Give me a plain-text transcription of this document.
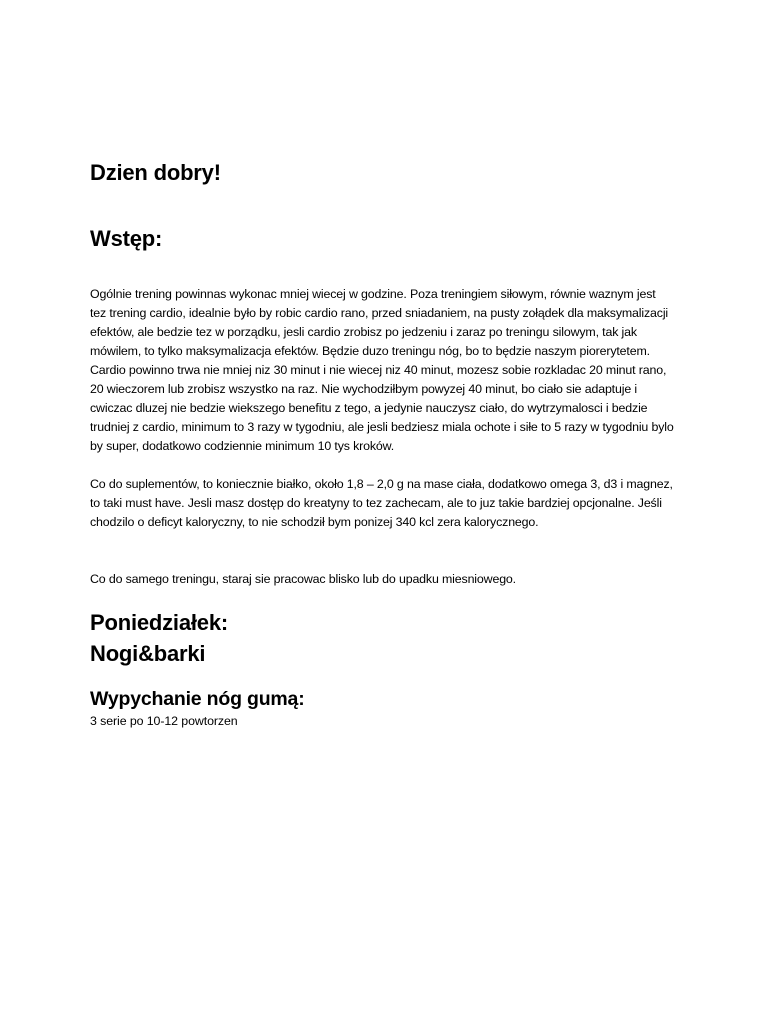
Dzien dobry!
Wstęp:

Ogólnie trening powinnas wykonac mniej wiecej w godzine. Poza treningiem siłowym, równie waznym jest tez trening cardio, idealnie było by robic cardio rano, przed sniadaniem, na pusty zołądek dla maksymalizacji efektów, ale bedzie tez w porządku, jesli cardio zrobisz po jedzeniu i zaraz po treningu silowym, tak jak mówilem, to tylko maksymalizacja efektów. Będzie duzo treningu nóg, bo to będzie naszym piorerytetem. Cardio powinno trwa nie mniej niz 30 minut i nie wiecej niz 40 minut, mozesz sobie rozkladac 20 minut rano, 20 wieczorem lub zrobisz wszystko na raz. Nie wychodziłbym powyzej 40 minut, bo ciało sie adaptuje i cwiczac dluzej nie bedzie wiekszego benefitu z tego, a jedynie nauczysz ciało, do wytrzymalosci i bedzie trudniej z cardio, minimum to 3 razy w tygodniu, ale jesli bedziesz miala ochote i siłe to 5 razy w tygodniu bylo by super, dodatkowo codziennie minimum 10 tys kroków.

Co do suplementów, to koniecznie białko, około 1,8 – 2,0 g na mase ciała, dodatkowo omega 3, d3 i magnez, to taki must have. Jesli masz dostęp do kreatyny to tez zachecam, ale to juz takie bardziej opcjonalne. Jeśli chodzilo o deficyt kaloryczny, to nie schodził bym ponizej 340 kcl zera kalorycznego.

Co do samego treningu, staraj sie pracowac blisko lub do upadku miesniowego.

Poniedziałek:
Nogi&barki
Wypychanie nóg gumą:

3 serie po 10-12 powtorzen
